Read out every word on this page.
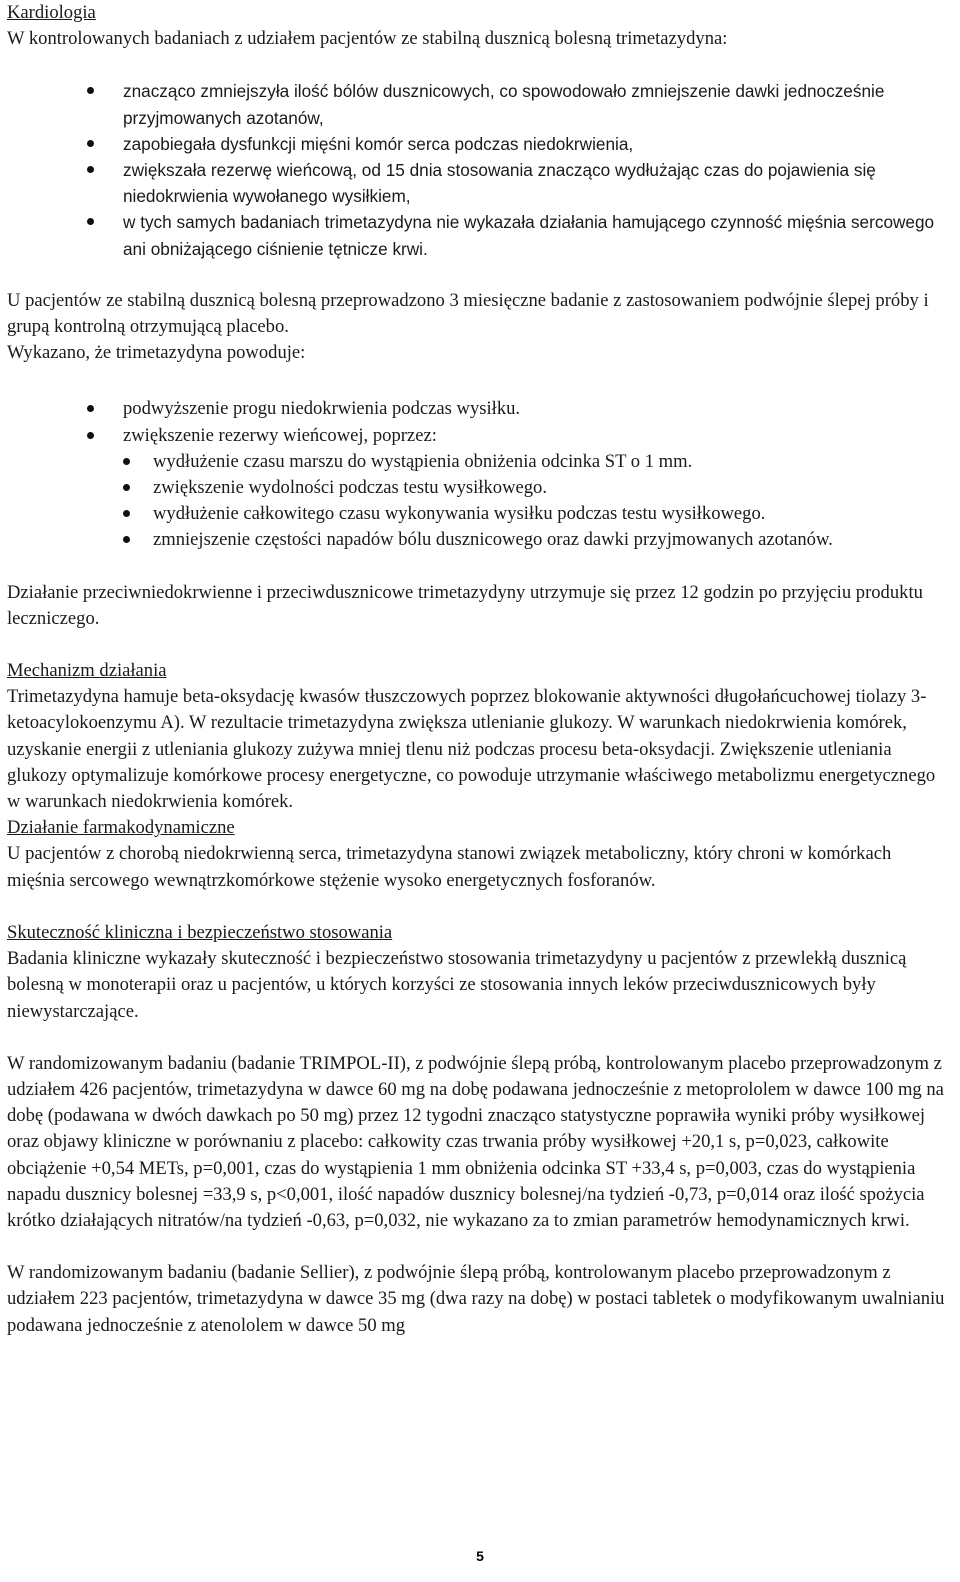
Kardiologia

W kontrolowanych badaniach z udziałem pacjentów ze stabilną dusznicą bolesną trimetazydyna:

znacząco zmniejszyła ilość bólów dusznicowych, co spowodowało zmniejszenie dawki jednocześnie przyjmowanych azotanów,
zapobiegała dysfunkcji mięśni komór serca podczas niedokrwienia,
zwiększała rezerwę wieńcową, od 15 dnia stosowania znacząco wydłużając czas do pojawienia się niedokrwienia wywołanego wysiłkiem,
w tych samych badaniach trimetazydyna nie wykazała działania hamującego czynność mięśnia sercowego ani obniżającego ciśnienie tętnicze krwi.

U pacjentów ze stabilną dusznicą bolesną przeprowadzono 3 miesięczne badanie z zastosowaniem podwójnie ślepej próby i grupą kontrolną otrzymującą placebo.

Wykazano, że trimetazydyna powoduje:

podwyższenie progu niedokrwienia podczas wysiłku.
zwiększenie rezerwy wieńcowej, poprzez:
wydłużenie czasu marszu do wystąpienia obniżenia odcinka ST o 1 mm.
zwiększenie wydolności podczas testu wysiłkowego.
wydłużenie całkowitego czasu wykonywania wysiłku podczas testu wysiłkowego.
zmniejszenie częstości napadów bólu dusznicowego oraz dawki przyjmowanych azotanów.

Działanie przeciwniedokrwienne i przeciwdusznicowe trimetazydyny utrzymuje się przez 12 godzin po przyjęciu produktu leczniczego.

Mechanizm działania

Trimetazydyna hamuje beta-oksydację kwasów tłuszczowych poprzez blokowanie aktywności długołańcuchowej tiolazy 3-ketoacylokoenzymu A). W rezultacie trimetazydyna zwiększa utlenianie glukozy. W warunkach niedokrwienia komórek, uzyskanie energii z utleniania glukozy zużywa mniej tlenu niż podczas procesu beta-oksydacji. Zwiększenie utleniania glukozy optymalizuje komórkowe procesy energetyczne, co powoduje utrzymanie właściwego metabolizmu energetycznego w warunkach niedokrwienia komórek.

Działanie farmakodynamiczne

U pacjentów z chorobą niedokrwienną serca, trimetazydyna stanowi związek metaboliczny, który chroni w komórkach mięśnia sercowego wewnątrzkomórkowe stężenie wysoko energetycznych fosforanów.

Skuteczność kliniczna i bezpieczeństwo stosowania

Badania kliniczne wykazały skuteczność i bezpieczeństwo stosowania trimetazydyny u pacjentów z przewlekłą dusznicą bolesną w monoterapii oraz u pacjentów, u których korzyści ze stosowania innych leków przeciwdusznicowych były niewystarczające.

W randomizowanym badaniu (badanie TRIMPOL-II), z podwójnie ślepą próbą, kontrolowanym placebo przeprowadzonym z udziałem 426 pacjentów, trimetazydyna w dawce 60 mg na dobę podawana jednocześnie z metoprololem w dawce 100 mg na dobę (podawana w dwóch dawkach po 50 mg) przez 12 tygodni znacząco statystyczne poprawiła wyniki próby wysiłkowej oraz objawy kliniczne w porównaniu z placebo: całkowity czas trwania próby wysiłkowej +20,1 s, p=0,023, całkowite obciążenie +0,54 METs, p=0,001, czas do wystąpienia 1 mm obniżenia odcinka ST +33,4 s, p=0,003, czas do wystąpienia napadu dusznicy bolesnej =33,9 s, p˂0,001, ilość napadów dusznicy bolesnej/na tydzień -0,73, p=0,014 oraz ilość spożycia krótko działających nitratów/na tydzień -0,63, p=0,032, nie wykazano za to zmian parametrów hemodynamicznych krwi.

W randomizowanym badaniu (badanie Sellier), z podwójnie ślepą próbą, kontrolowanym placebo przeprowadzonym z udziałem 223 pacjentów, trimetazydyna w dawce 35 mg (dwa razy na dobę) w postaci tabletek o modyfikowanym uwalnianiu podawana jednocześnie z atenololem w dawce 50 mg

5
